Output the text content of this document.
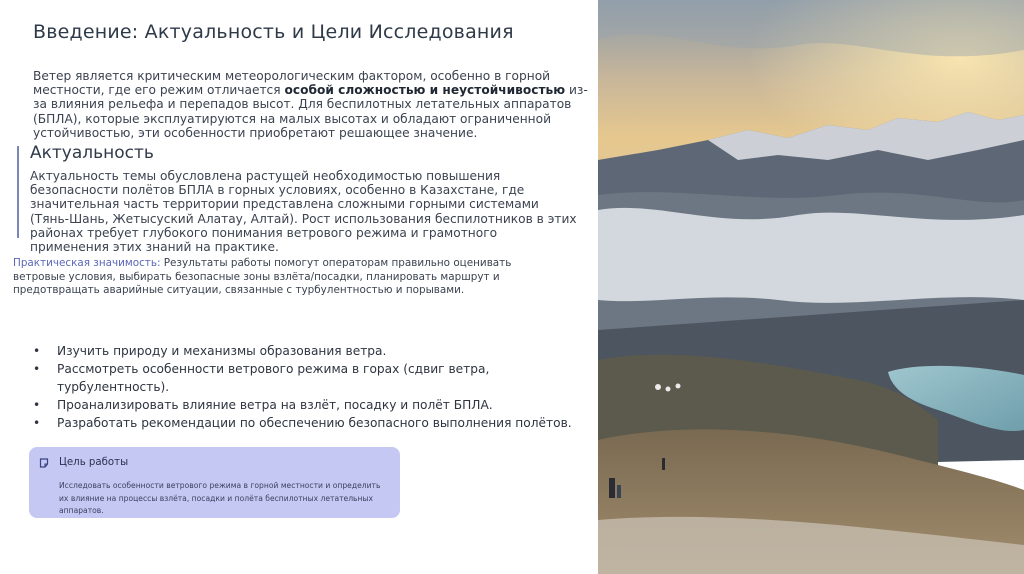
Введение: Актуальность и Цели Исследования
Ветер является критическим метеорологическим фактором, особенно в горной местности, где его режим отличается особой сложностью и неустойчивостью из-за влияния рельефа и перепадов высот. Для беспилотных летательных аппаратов (БПЛА), которые эксплуатируются на малых высотах и обладают ограниченной устойчивостью, эти особенности приобретают решающее значение.
Актуальность
Актуальность темы обусловлена растущей необходимостью повышения безопасности полётов БПЛА в горных условиях, особенно в Казахстане, где значительная часть территории представлена сложными горными системами (Тянь-Шань, Жетысуский Алатау, Алтай). Рост использования беспилотников в этих районах требует глубокого понимания ветрового режима и грамотного применения этих знаний на практике.
Практическая значимость: Результаты работы помогут операторам правильно оценивать ветровые условия, выбирать безопасные зоны взлёта/посадки, планировать маршрут и предотвращать аварийные ситуации, связанные с турбулентностью и порывами.
• Изучить природу и механизмы образования ветра.
• Рассмотреть особенности ветрового режима в горах (сдвиг ветра, турбулентность).
• Проанализировать влияние ветра на взлёт, посадку и полёт БПЛА.
• Разработать рекомендации по обеспечению безопасного выполнения полётов.
Цель работы
Исследовать особенности ветрового режима в горной местности и определить их влияние на процессы взлёта, посадки и полёта беспилотных летательных аппаратов.
